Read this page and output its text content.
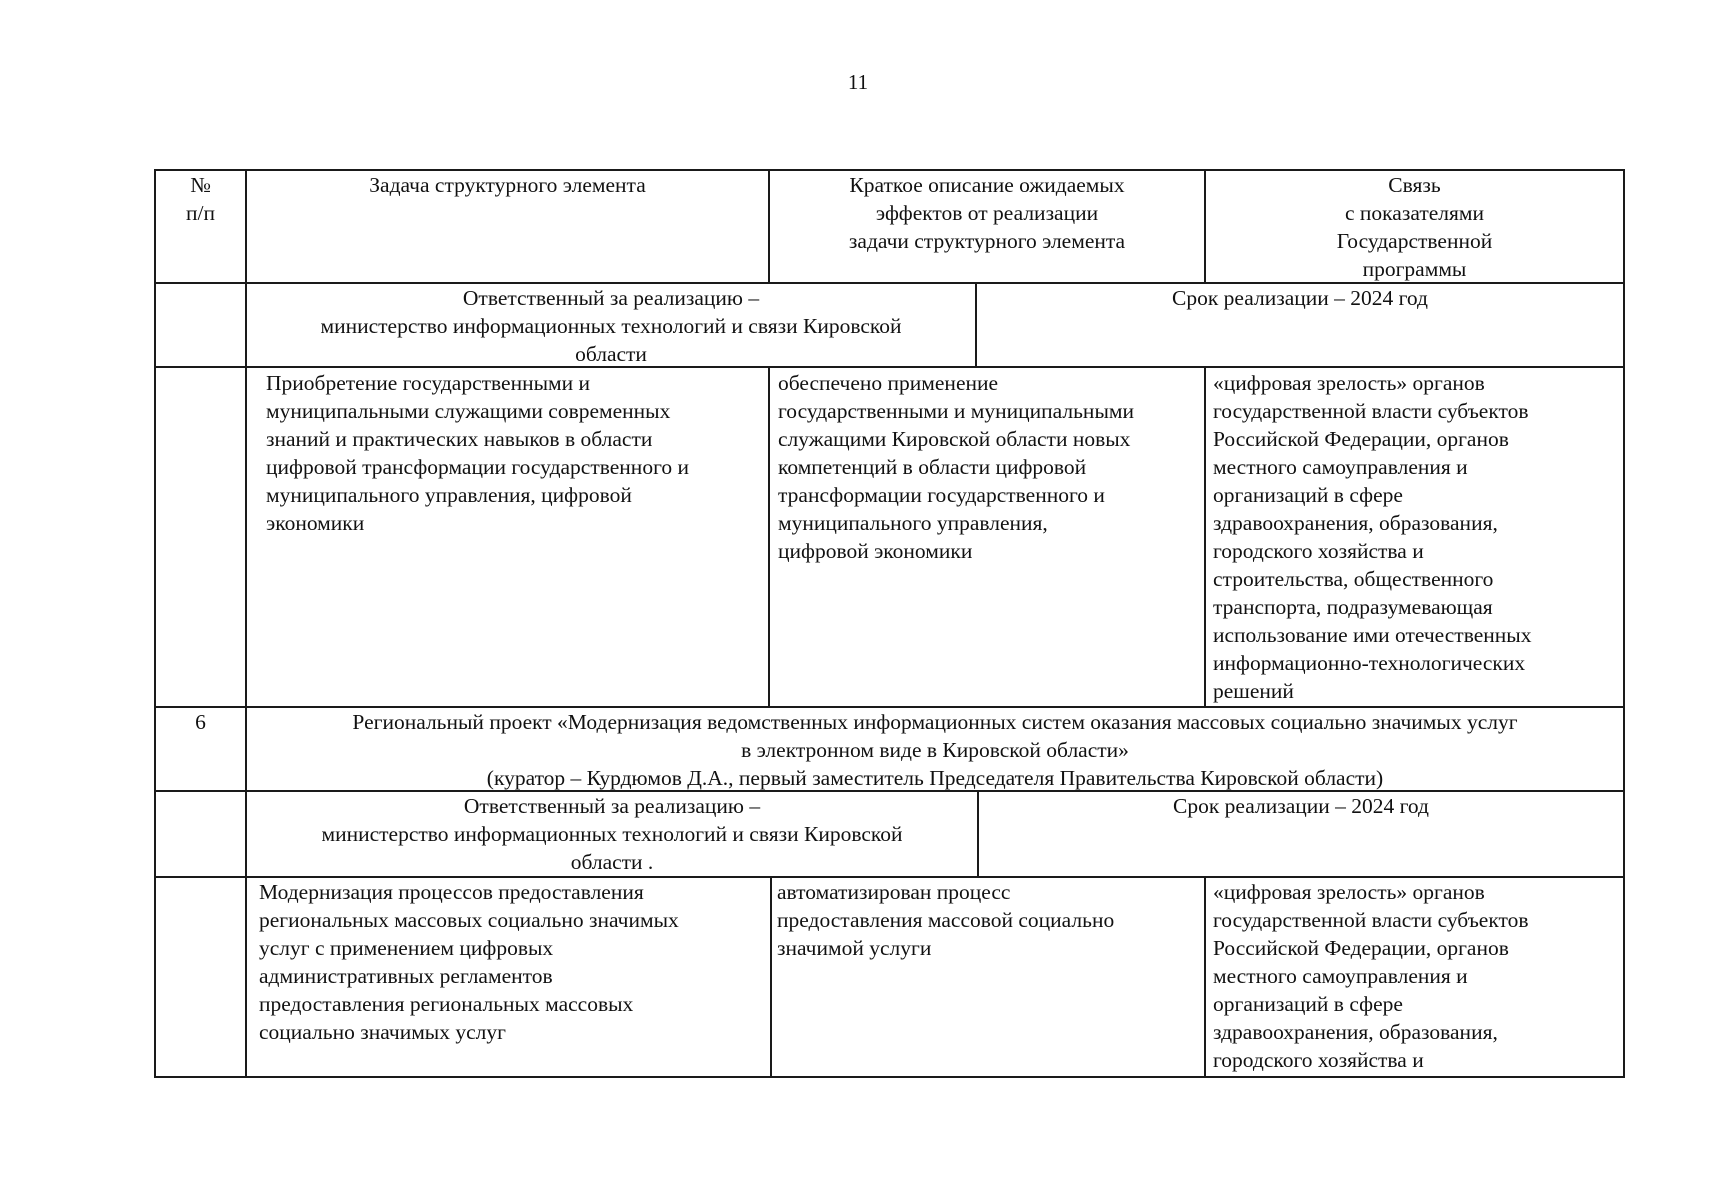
11
№
п/п
Задача структурного элемента	Краткое описание ожидаемых
эффектов от реализации
задачи структурного элемента
Связь
с показателями
Государственной
программы
Ответственный за реализацию –
министерство информационных технологий и связи Кировской
области
Срок реализации – 2024 год
Приобретение государственными и
муниципальными служащими современных
знаний и практических навыков в области
цифровой трансформации государственного и
муниципального управления, цифровой
экономики
обеспечено применение
государственными и муниципальными
служащими Кировской области новых
компетенций в области цифровой
трансформации государственного и
муниципального управления,
цифровой экономики
«цифровая зрелость» органов
государственной власти субъектов
Российской Федерации, органов
местного самоуправления и
организаций в сфере
здравоохранения, образования,
городского хозяйства и
строительства, общественного
транспорта, подразумевающая
использование ими отечественных
информационно-технологических
решений
6	Региональный проект «Модернизация ведомственных информационных систем оказания массовых социально значимых услуг
в электронном виде в Кировской области»
(куратор – Курдюмов Д.А., первый заместитель Председателя Правительства Кировской области)
Ответственный за реализацию –
министерство информационных технологий и связи Кировской
области .
Срок реализации – 2024 год
Модернизация процессов предоставления
региональных массовых социально значимых
услуг с применением цифровых
административных регламентов
предоставления региональных массовых
социально значимых услуг
автоматизирован процесс
предоставления массовой социально
значимой услуги
«цифровая зрелость» органов
государственной власти субъектов
Российской Федерации, органов
местного самоуправления и
организаций в сфере
здравоохранения, образования,
городского хозяйства и
